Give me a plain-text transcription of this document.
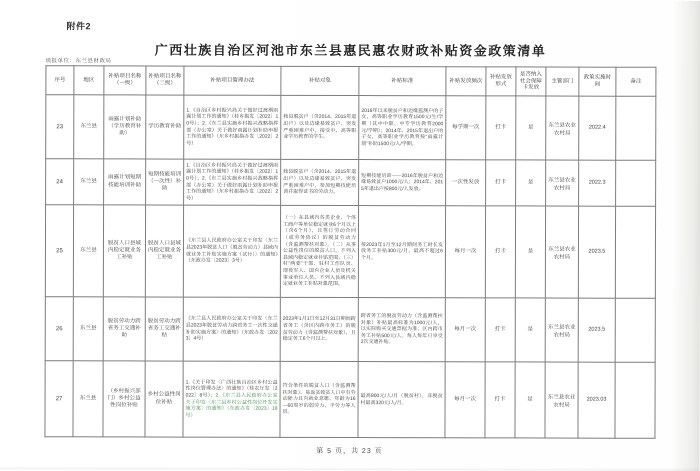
附件2
广西壮族自治区河池市东兰县惠民惠农财政补贴资金政策清单
填报单位：东兰县财政局
序号	地区	补贴项目名称（一级）	补贴项目名称（二级）	补贴项目管理办法	补贴对象	补贴标准	补贴发放频次	补贴发放形式	是否纳入社会保障卡发放	主管部门	政策实施时间	备注
23	东兰县	雨露计划补助（学历教育补助）	学历教育补助	1.《自治区乡村振兴局关于做好过渡期雨露计划工作的通知》（桂乡振发〔2022〕10号）；2.《东兰县实施乡村振兴战略指挥部（办公室）关于做好雨露计划补助申报工作的通知》（东乡村振指办发〔2022〕2号）	我县脱贫户（含2014、2015年退出户）以及边缘易致贫户、突发严重困难户中，接受中、高等职业学历教育的学生。	2016年以来脱贫户和边缘监测户的子女，高等职业学历教育1500元/生/学期（其中中职、中专学历教育2000元/学期）；2014年、2015年退出户的子女，高等职业学历教育按“雨露计划”补助1500元/人/学期。	每学期一次	打卡	是	东兰县农业农村局	2022.4	
24	东兰县	雨露计划短期技能培训补助	短期技能培训（一次性）补助	1.《自治区乡村振兴局关于做好过渡期雨露计划工作的通知》（桂乡振发〔2022〕10号）；2.《东兰县实施乡村振兴战略指挥部（办公室）关于做好雨露计划补助申报工作的通知》（东乡村振指办发〔2022〕2号）	我县脱贫户（含2014、2015年退出户）以及边缘易致贫户、突发严重困难户中，参加短期技能培训并取得证书的劳动力。	短期技能培训——2016年脱贫户和边缘易致贫户1000元/人；2014年、2015年退出户按800元/人发放。	一次性发放	打卡	是	东兰县农业农村局	2022.3	
25	东兰县	脱贫人口县域内稳定就业务工补贴	脱贫人口县域内稳定就业务工补贴	《东兰县人民政府办公室关于印发〈东兰县2023年脱贫人口（脱贫劳动力）县域内就业务工补贴实施方案（试行）〉的通知》（东政办发〔2023〕3号）	（一）在县域内各类企业、个体工商户等单位稳定就业6个月以上（含6个月），且签订劳动合同（或劳务协议）的脱贫劳动力（含监测帮扶对象）。（二）从事公益性岗位的脱贫人口，不列入县域内稳定就业补贴范围。（三）村“两委”干部、驻村工作队员、现役军人、国有企业人员及机关事业单位人员，不列入县域内稳定就业务工补贴对象范围。	按2023年1月至12月期间务工时长发放务工补贴300元/月，最高不超过6个月。	每月一次	打卡	是	东兰县农业农村局	2023.5	
26	东兰县	脱贫劳动力跨省务工交通补助	脱贫劳动力跨省务工交通补贴	《东兰县人民政府办公室关于印发〈东兰县2023年脱贫劳动力跨省务工一次性交通补助实施方案〉的通知》（东政办发〔2023〕4号）	2023年1月1日至12月31日期间跨省务工（含区内跨市务工）的脱贫劳动力（含监测帮扶对象），且稳定务工6个月以上。	跨省务工的脱贫劳动力（含监测帮扶对象）补贴最高标准为1000元/人，以实际购买交通票据为准；区内跨市务工补贴500元/人。每人每年只享受2次交通补贴。	每月一次	打卡	是	东兰县农业农村局	2023.5	
27	东兰县	（乡村振兴部门）乡村公益性岗位补贴	乡村公益性岗位补贴	1.《关于印发〈广西壮族自治区乡村公益性岗位管理办法〉的通知》（桂农厅发〔2022〕8号）；2.《东兰县人民政府办公室关于印发〈东兰县乡村公益性岗位开发实施方案〉的通知》（东政办发〔2023〕18号）	符合条件的脱贫人口（含监测帮扶对象）、易返贫致贫人口中有劳动能力且有就业意愿、年龄为16—60周岁的弱劳力、半劳力等人员。	最高800元/人/月（脱贫村），非脱贫村最高320元/人/月。	每月一次	打卡	是	东兰县农业农村局	2023.03	
第 5 页，共 23 页
